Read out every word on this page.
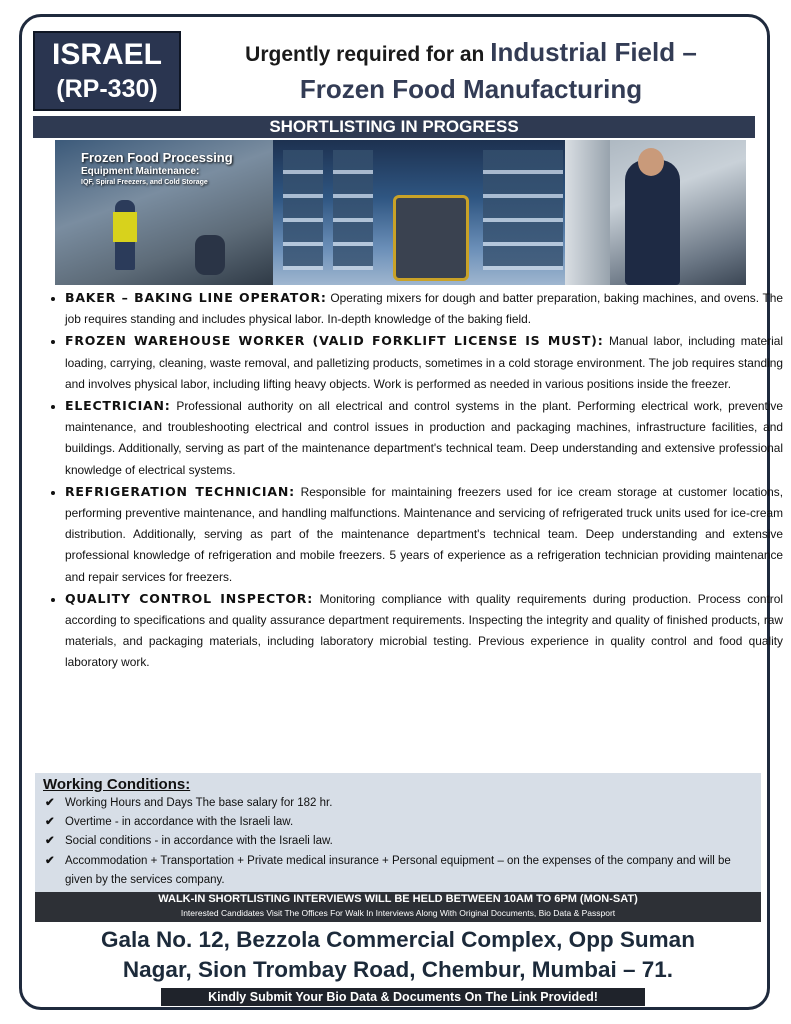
ISRAEL
(RP-330)
Urgently required for an Industrial Field –
Frozen Food Manufacturing
SHORTLISTING IN PROGRESS
Frozen Food Processing
Equipment Maintenance:
IQF, Spiral Freezers, and Cold Storage
• BAKER – BAKING LINE OPERATOR: Operating mixers for dough and batter preparation, baking machines, and ovens. The job requires standing and includes physical labor. In-depth knowledge of the baking field.
• FROZEN WAREHOUSE WORKER (VALID FORKLIFT LICENSE IS MUST): Manual labor, including material loading, carrying, cleaning, waste removal, and palletizing products, sometimes in a cold storage environment. The job requires standing and involves physical labor, including lifting heavy objects. Work is performed as needed in various positions inside the freezer.
• ELECTRICIAN: Professional authority on all electrical and control systems in the plant. Performing electrical work, preventive maintenance, and troubleshooting electrical and control issues in production and packaging machines, infrastructure facilities, and buildings. Additionally, serving as part of the maintenance department's technical team. Deep understanding and extensive professional knowledge of electrical systems.
• REFRIGERATION TECHNICIAN: Responsible for maintaining freezers used for ice cream storage at customer locations, performing preventive maintenance, and handling malfunctions. Maintenance and servicing of refrigerated truck units used for ice-cream distribution. Additionally, serving as part of the maintenance department's technical team. Deep understanding and extensive professional knowledge of refrigeration and mobile freezers. 5 years of experience as a refrigeration technician providing maintenance and repair services for freezers.
• QUALITY CONTROL INSPECTOR: Monitoring compliance with quality requirements during production. Process control according to specifications and quality assurance department requirements. Inspecting the integrity and quality of finished products, raw materials, and packaging materials, including laboratory microbial testing. Previous experience in quality control and food quality laboratory work.
Working Conditions:
✔ Working Hours and Days The base salary for 182 hr.
✔ Overtime - in accordance with the Israeli law.
✔ Social conditions - in accordance with the Israeli law.
✔ Accommodation + Transportation + Private medical insurance + Personal equipment – on the expenses of the company and will be given by the services company.
WALK-IN SHORTLISTING INTERVIEWS WILL BE HELD BETWEEN 10AM TO 6PM (MON-SAT)
Interested Candidates Visit The Offices For Walk In Interviews Along With Original Documents, Bio Data & Passport
Gala No. 12, Bezzola Commercial Complex, Opp Suman
Nagar, Sion Trombay Road, Chembur, Mumbai – 71.
Kindly Submit Your Bio Data & Documents On The Link Provided!
